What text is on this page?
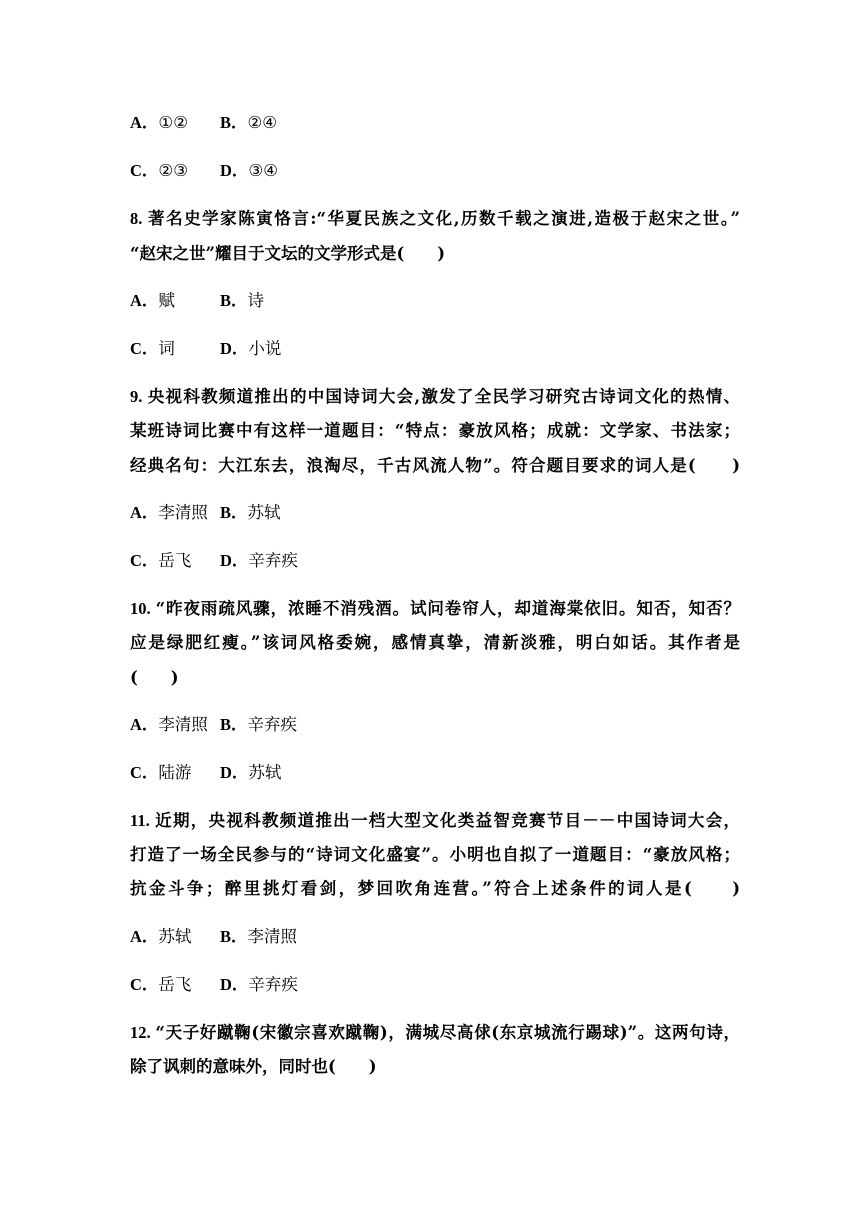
A．①② B．②④
C．②③ D．③④
8. 著名史学家陈寅恪言:“华夏民族之文化,历数千载之演进,造极于赵宋之世。”
“赵宋之世”耀目于文坛的文学形式是(　　)
A．赋	B．诗
C．词	D．小说
9. 央视科教频道推出的中国诗词大会,激发了全民学习研究古诗词文化的热情、
某班诗词比赛中有这样一道题目：“特点：豪放风格；成就：文学家、书法家；
经典名句：大江东去，浪淘尽，千古风流人物”。符合题目要求的词人是(　　)
A．李清照 B．苏轼
C．岳飞 D．辛弃疾
10. “昨夜雨疏风骤，浓睡不消残酒。试问卷帘人，却道海棠依旧。知否，知否？
应是绿肥红瘦。”该词风格委婉，感情真挚，清新淡雅，明白如话。其作者是
(　　)
A．李清照 B．辛弃疾
C．陆游 D．苏轼
11. 近期，央视科教频道推出一档大型文化类益智竞赛节目－－中国诗词大会，
打造了一场全民参与的“诗词文化盛宴”。小明也自拟了一道题目：“豪放风格；
抗金斗争；醉里挑灯看剑，梦回吹角连营。”符合上述条件的词人是(　　)
A．苏轼 B．李清照
C．岳飞 D．辛弃疾
12. “天子好蹴鞠(宋徽宗喜欢蹴鞠)，满城尽高俅(东京城流行踢球)”。这两句诗，
除了讽刺的意味外，同时也(　　)
